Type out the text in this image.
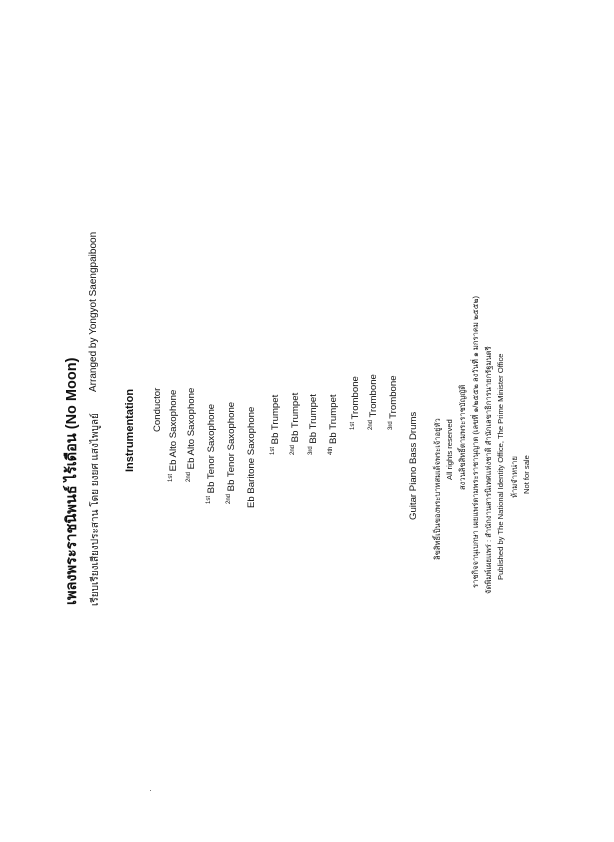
เพลงพระราชนิพนธ์ ไร้เดือน (No Moon)	เรียบเรียงเสียงประสาน โดย ยงยศ แสงไพบูลย์
Arranged by Yongyot Saengpaiboon
Instrumentation Conductor
$^{1st}$ Eb Alto Saxophone
$^{2nd}$ Eb Alto Saxophone
$^{1st}$ Bb Tenor Saxophone
$^{2nd}$ Bb Tenor Saxophone Eb Baritone Saxophone $^{1st}$ Bb Trumpet
$^{2nd}$ Bb Trumpet
$^{3rd}$ Bb Trumpet
$^{4th}$ Bb Trumpet $^{1st}$ Trombone
$^{2nd}$ Trombone
$^{3rd}$ Trombone
Guitar Piano Bass Drums ลิขสิทธิ์เป็นของพระบาทสมเด็จพระเจ้าอยู่หัว All rights reserved สงวนลิขสิทธิ์ตามพระราชบัญญัติ ราชกิจจานุเบกษา เผยแพร่ตามพระราชานุญาต (เลขที่ ๑/๒๕๕๒ ลงวันที่ ๑ มกราคม ๒๕๕๒) จัดพิมพ์เผยแพร่ : สำนักงานสารนิเทศแห่งชาติ สำนักเลขาธิการนายกรัฐมนตรี Published by The National Identity Office, The Prime Minister Office ห้ามจำหน่าย Not for sale
